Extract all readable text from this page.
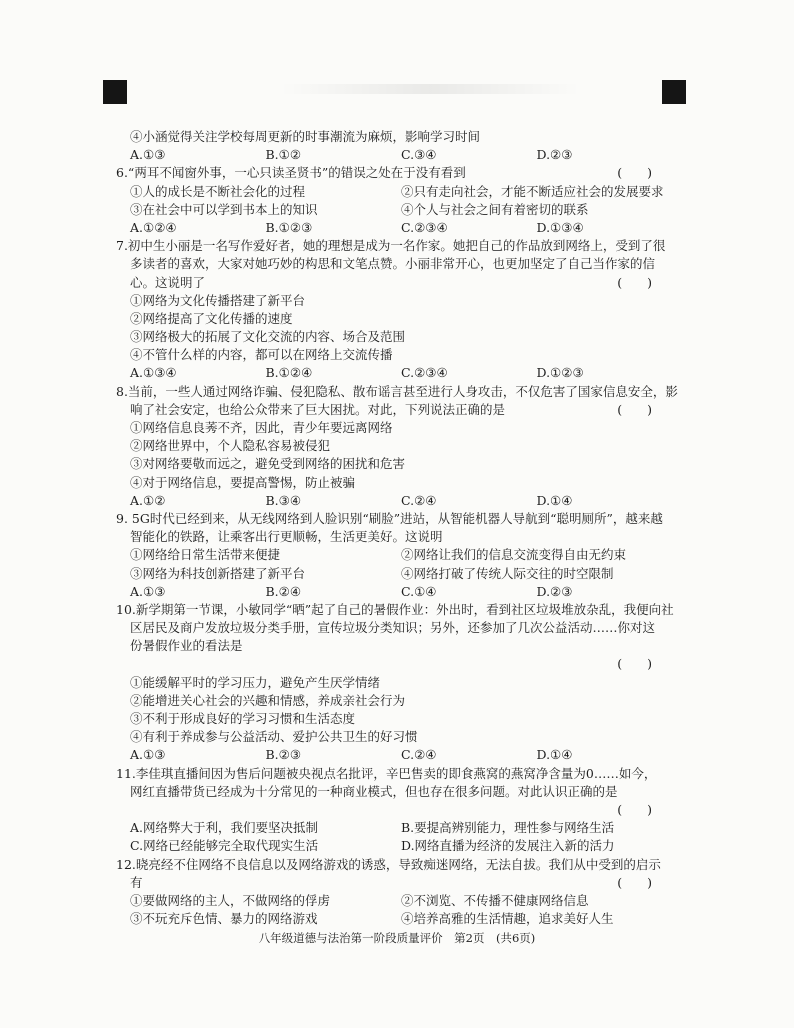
④小涵觉得关注学校每周更新的时事潮流为麻烦，影响学习时间
A.①③	B.①②	C.③④	D.②③
6.“两耳不闻窗外事，一心只读圣贤书”的错误之处在于没有看到	(　　)
①人的成长是不断社会化的过程	②只有走向社会，才能不断适应社会的发展要求
③在社会中可以学到书本上的知识	④个人与社会之间有着密切的联系
A.①②④	B.①②③	C.②③④	D.①③④
7.初中生小丽是一名写作爱好者，她的理想是成为一名作家。她把自己的作品放到网络上，受到了很
多读者的喜欢，大家对她巧妙的构思和文笔点赞。小丽非常开心，也更加坚定了自己当作家的信
心。这说明了	(　　)
①网络为文化传播搭建了新平台
②网络提高了文化传播的速度
③网络极大的拓展了文化交流的内容、场合及范围
④不管什么样的内容，都可以在网络上交流传播
A.①③④	B.①②④	C.②③④	D.①②③
8.当前，一些人通过网络诈骗、侵犯隐私、散布谣言甚至进行人身攻击，不仅危害了国家信息安全，影
响了社会安定，也给公众带来了巨大困扰。对此，下列说法正确的是	(　　)
①网络信息良莠不齐，因此，青少年要远离网络
②网络世界中，个人隐私容易被侵犯
③对网络要敬而远之，避免受到网络的困扰和危害
④对于网络信息，要提高警惕，防止被骗
A.①②	B.③④	C.②④	D.①④
9. 5G时代已经到来，从无线网络到人脸识别“刷脸”进站，从智能机器人导航到“聪明厕所”，越来越
智能化的铁路，让乘客出行更顺畅，生活更美好。这说明
①网络给日常生活带来便捷	②网络让我们的信息交流变得自由无约束
③网络为科技创新搭建了新平台	④网络打破了传统人际交往的时空限制
A.①③	B.②④	C.①④	D.②③
10.新学期第一节课，小敏同学“晒”起了自己的暑假作业：外出时，看到社区垃圾堆放杂乱，我便向社
区居民及商户发放垃圾分类手册，宣传垃圾分类知识；另外，还参加了几次公益活动……你对这
份暑假作业的看法是
(　　)
①能缓解平时的学习压力，避免产生厌学情绪
②能增进关心社会的兴趣和情感，养成亲社会行为
③不利于形成良好的学习习惯和生活态度
④有利于养成参与公益活动、爱护公共卫生的好习惯
A.①③	B.②③	C.②④	D.①④
11.李佳琪直播间因为售后问题被央视点名批评，辛巴售卖的即食燕窝的燕窝净含量为0……如今，
网红直播带货已经成为十分常见的一种商业模式，但也存在很多问题。对此认识正确的是
(　　)
A.网络弊大于利，我们要坚决抵制	B.要提高辨别能力，理性参与网络生活
C.网络已经能够完全取代现实生活	D.网络直播为经济的发展注入新的活力
12.晓亮经不住网络不良信息以及网络游戏的诱惑，导致痴迷网络，无法自拔。我们从中受到的启示
有	(　　)
①要做网络的主人，不做网络的俘虏	②不浏览、不传播不健康网络信息
③不玩充斥色情、暴力的网络游戏	④培养高雅的生活情趣，追求美好人生
八年级道德与法治第一阶段质量评价　第2页　(共6页)
